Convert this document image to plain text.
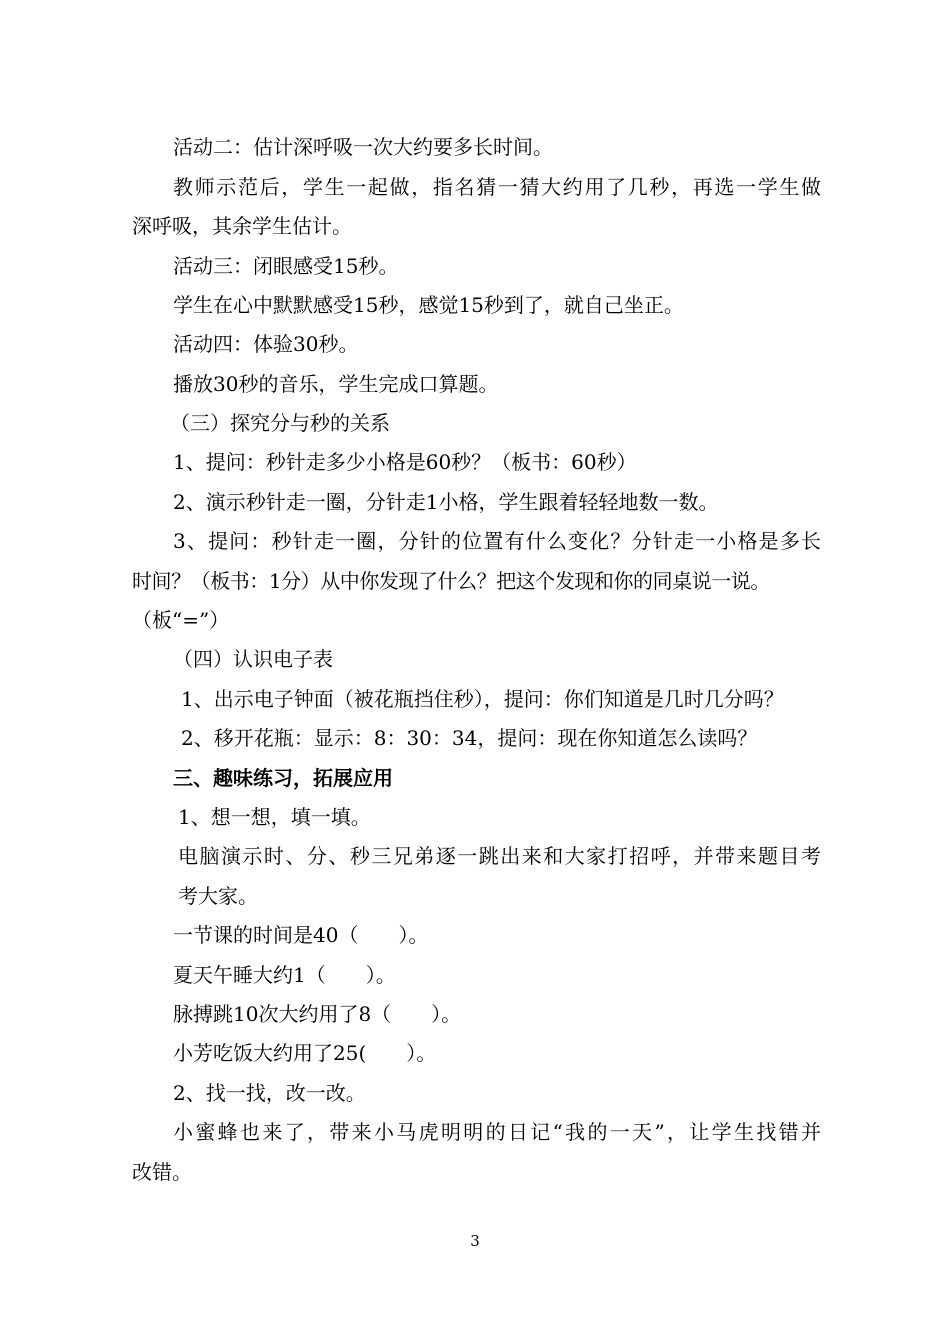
活动二：估计深呼吸一次大约要多长时间。

教师示范后，学生一起做，指名猜一猜大约用了几秒，再选一学生做

深呼吸，其余学生估计。

活动三：闭眼感受15秒。

学生在心中默默感受15秒，感觉15秒到了，就自己坐正。

活动四：体验30秒。

播放30秒的音乐，学生完成口算题。

（三）探究分与秒的关系

1、提问：秒针走多少小格是60秒？（板书：60秒）

2、演示秒针走一圈，分针走1小格，学生跟着轻轻地数一数。

3、提问：秒针走一圈，分针的位置有什么变化？分针走一小格是多长

时间？（板书：1分）从中你发现了什么？把这个发现和你的同桌说一说。

（板“=”）

（四）认识电子表

1、出示电子钟面（被花瓶挡住秒），提问：你们知道是几时几分吗？

2、移开花瓶：显示：8：30：34，提问：现在你知道怎么读吗？

三、趣味练习，拓展应用

1、想一想，填一填。

电脑演示时、分、秒三兄弟逐一跳出来和大家打招呼，并带来题目考

考大家。

一节课的时间是40（　　）。

夏天午睡大约1（　　）。

脉搏跳10次大约用了8（　　）。

小芳吃饭大约用了25(　　）。

2、找一找，改一改。

小蜜蜂也来了，带来小马虎明明的日记“我的一天”，让学生找错并

改错。

3
